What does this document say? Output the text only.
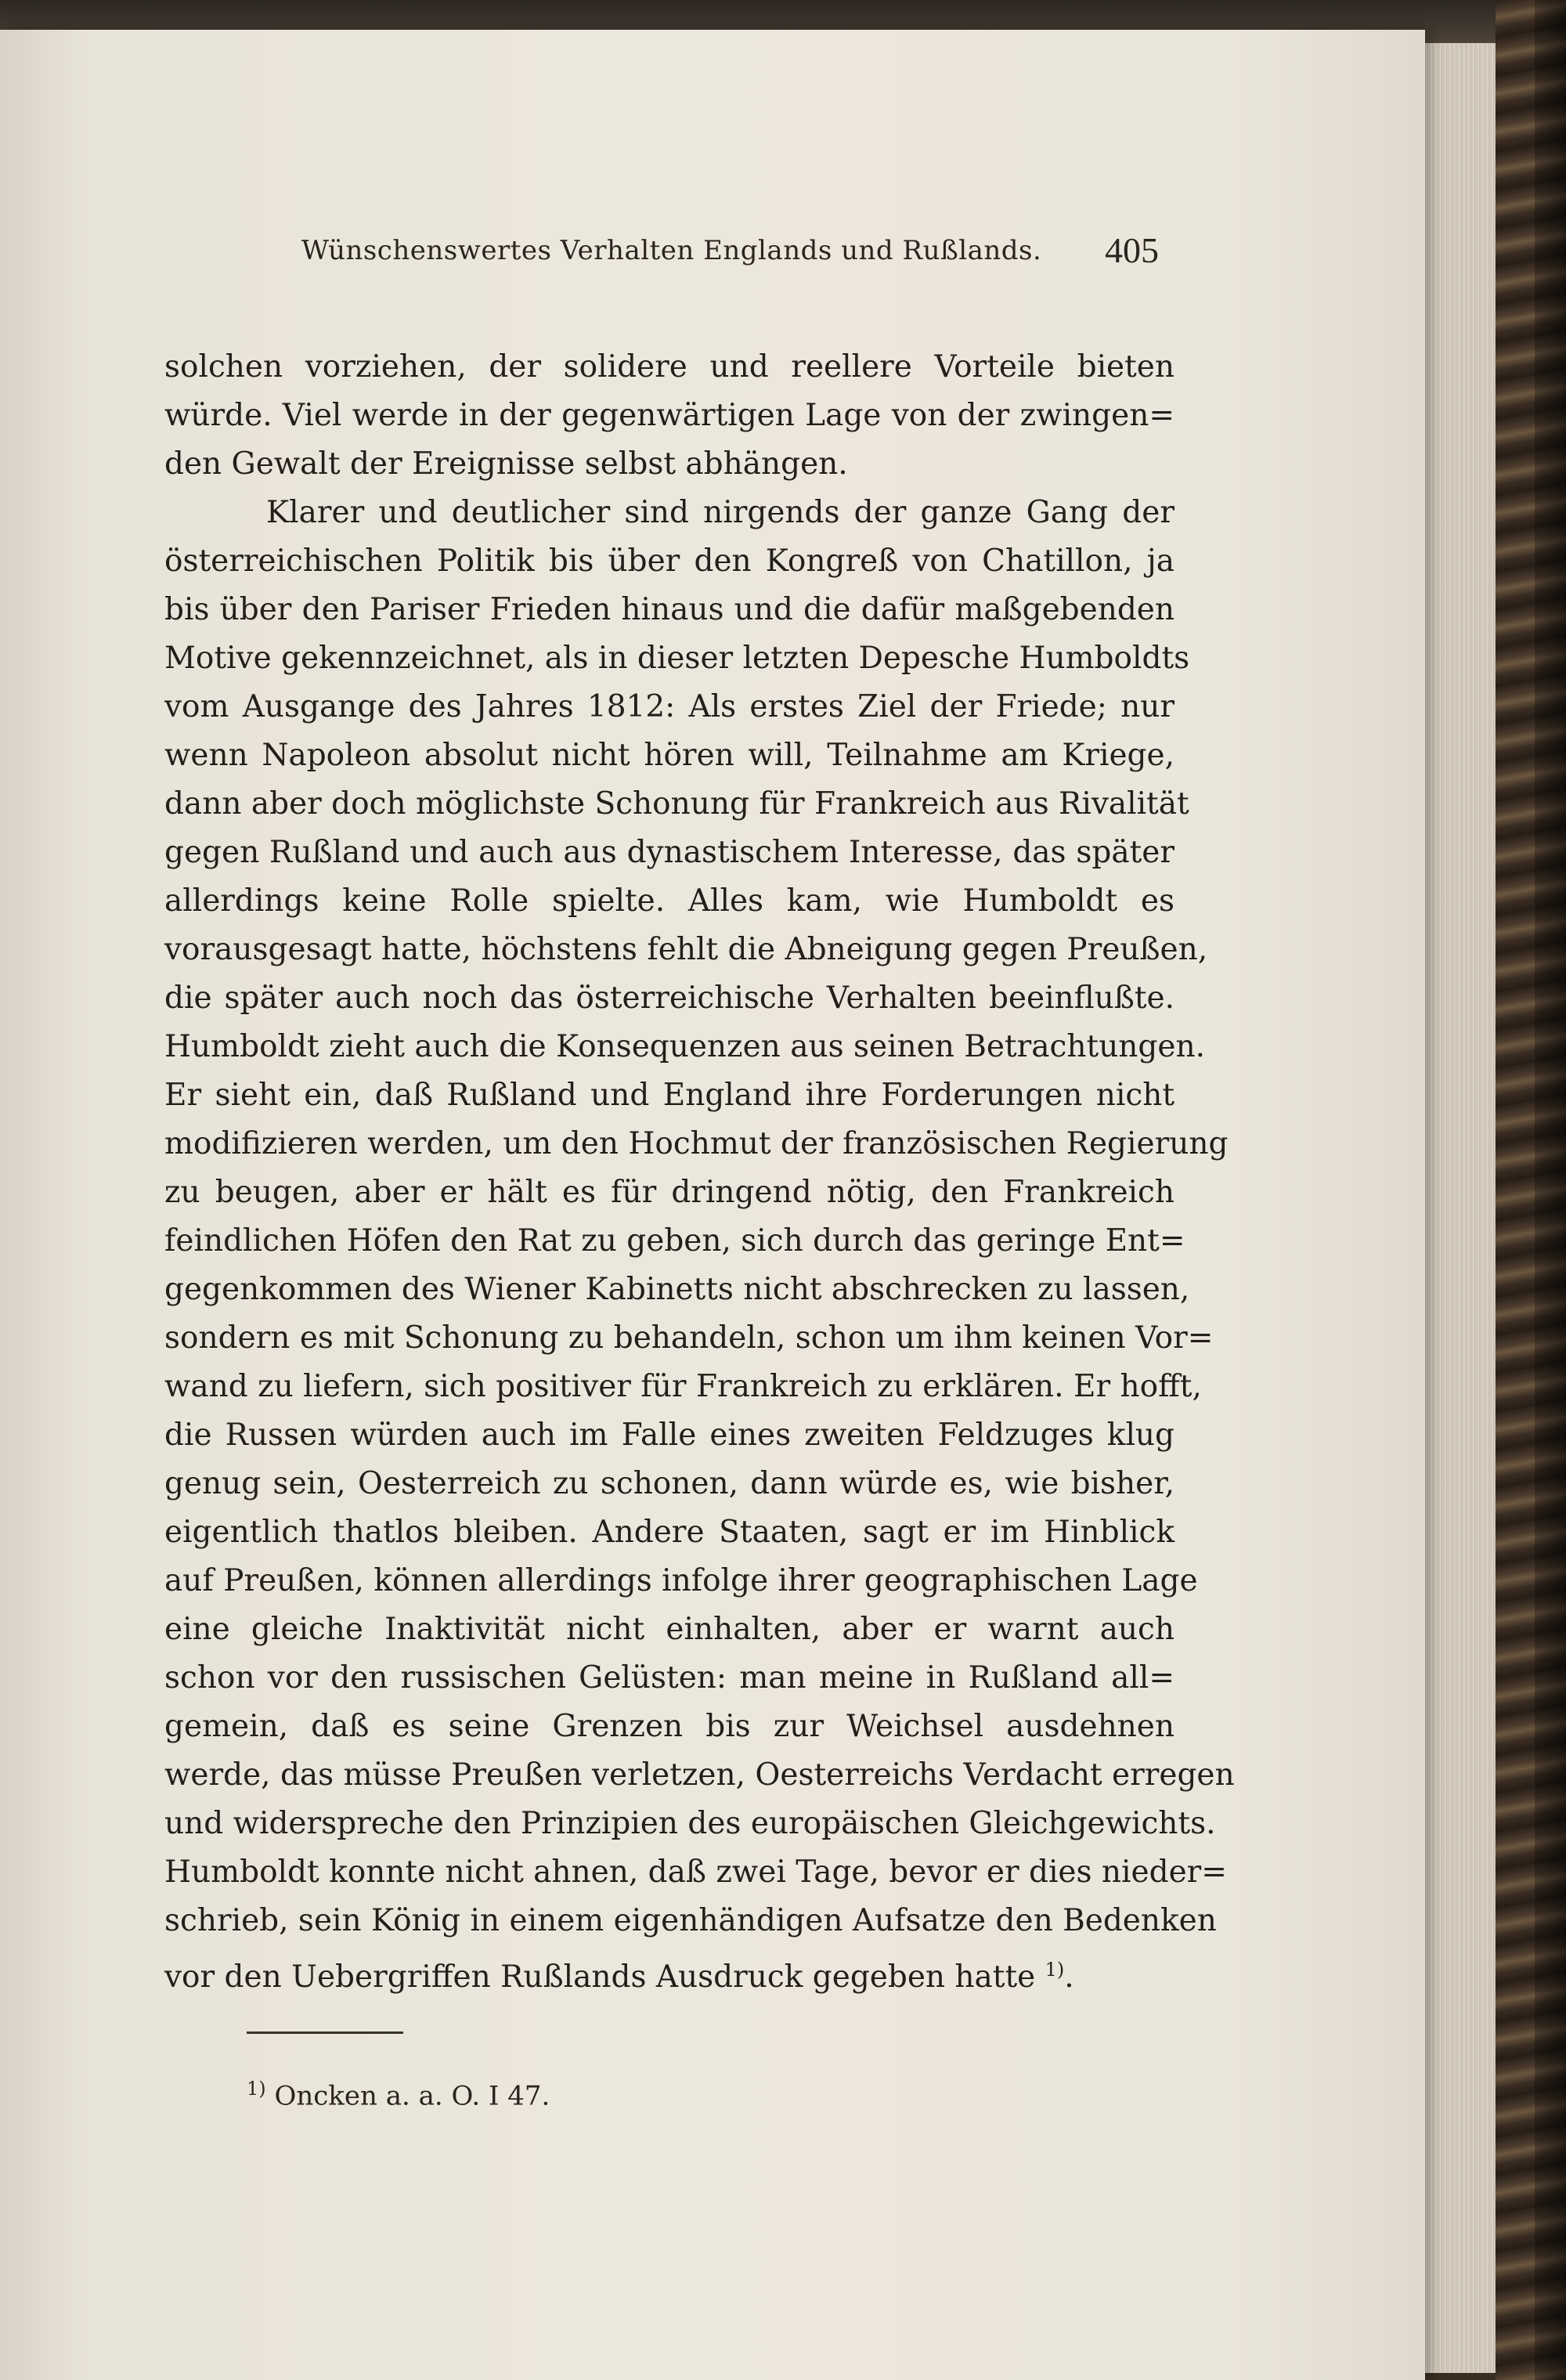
Wünschenswertes Verhalten Englands und Rußlands.	405
solchen vorziehen, der solidere und reellere Vorteile bieten
würde. Viel werde in der gegenwärtigen Lage von der zwingen=
den Gewalt der Ereignisse selbst abhängen.
Klarer und deutlicher sind nirgends der ganze Gang der
österreichischen Politik bis über den Kongreß von Chatillon, ja
bis über den Pariser Frieden hinaus und die dafür maßgebenden
Motive gekennzeichnet, als in dieser letzten Depesche Humboldts
vom Ausgange des Jahres 1812: Als erstes Ziel der Friede; nur
wenn Napoleon absolut nicht hören will, Teilnahme am Kriege,
dann aber doch möglichste Schonung für Frankreich aus Rivalität
gegen Rußland und auch aus dynastischem Interesse, das später
allerdings keine Rolle spielte. Alles kam, wie Humboldt es
vorausgesagt hatte, höchstens fehlt die Abneigung gegen Preußen,
die später auch noch das österreichische Verhalten beeinflußte.
Humboldt zieht auch die Konsequenzen aus seinen Betrachtungen.
Er sieht ein, daß Rußland und England ihre Forderungen nicht
modifizieren werden, um den Hochmut der französischen Regierung
zu beugen, aber er hält es für dringend nötig, den Frankreich
feindlichen Höfen den Rat zu geben, sich durch das geringe Ent=
gegenkommen des Wiener Kabinetts nicht abschrecken zu lassen,
sondern es mit Schonung zu behandeln, schon um ihm keinen Vor=
wand zu liefern, sich positiver für Frankreich zu erklären. Er hofft,
die Russen würden auch im Falle eines zweiten Feldzuges klug
genug sein, Oesterreich zu schonen, dann würde es, wie bisher,
eigentlich thatlos bleiben. Andere Staaten, sagt er im Hinblick
auf Preußen, können allerdings infolge ihrer geographischen Lage
eine gleiche Inaktivität nicht einhalten, aber er warnt auch
schon vor den russischen Gelüsten: man meine in Rußland all=
gemein, daß es seine Grenzen bis zur Weichsel ausdehnen
werde, das müsse Preußen verletzen, Oesterreichs Verdacht erregen
und widerspreche den Prinzipien des europäischen Gleichgewichts.
Humboldt konnte nicht ahnen, daß zwei Tage, bevor er dies nieder=
schrieb, sein König in einem eigenhändigen Aufsatze den Bedenken
vor den Uebergriffen Rußlands Ausdruck gegeben hatte $^{1)}$.
$^{1)}$ Oncken a. a. O. I 47.
